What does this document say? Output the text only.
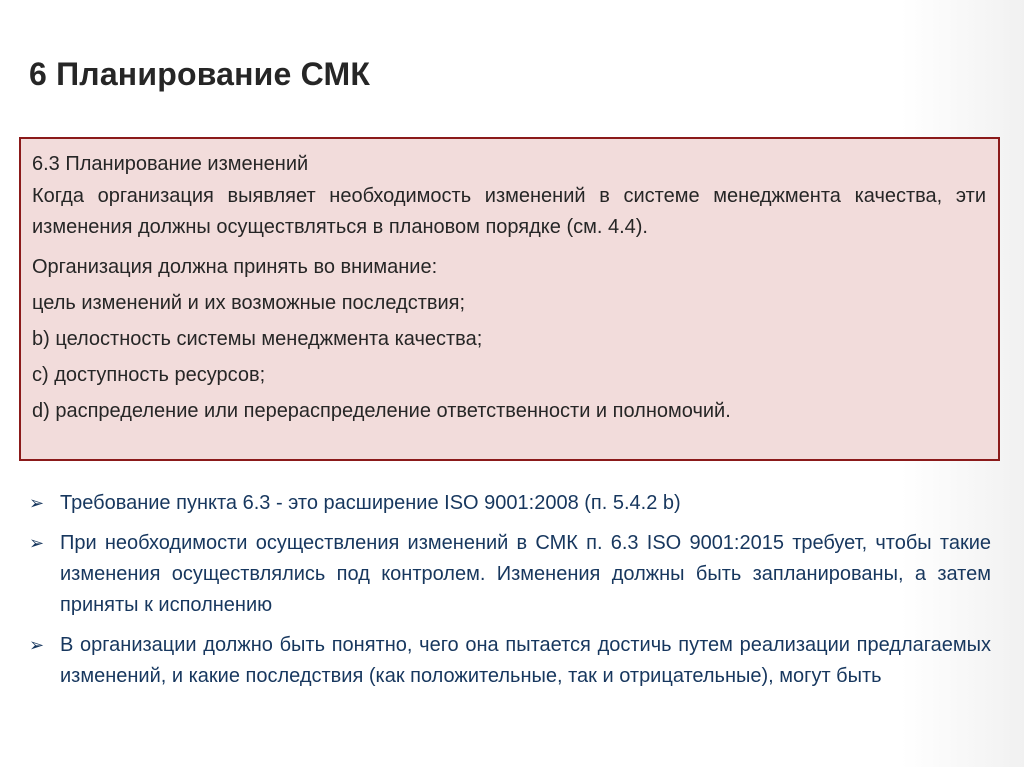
6 Планирование СМК
6.3 Планирование изменений
Когда организация выявляет необходимость изменений в системе менеджмента качества, эти изменения должны осуществляться в плановом порядке (см. 4.4).
Организация должна принять во внимание:
цель изменений и их возможные последствия;
b) целостность системы менеджмента качества;
c) доступность ресурсов;
d) распределение или перераспределение ответственности и полномочий.
➢ Требование пункта 6.3 - это расширение ISO 9001:2008 (п. 5.4.2 b)
➢ При необходимости осуществления изменений в СМК п. 6.3 ISO 9001:2015 требует, чтобы такие изменения осуществлялись под контролем. Изменения должны быть запланированы, а затем приняты к исполнению
➢ В организации должно быть понятно, чего она пытается достичь путем реализации предлагаемых изменений, и какие последствия (как положительные, так и отрицательные), могут быть
